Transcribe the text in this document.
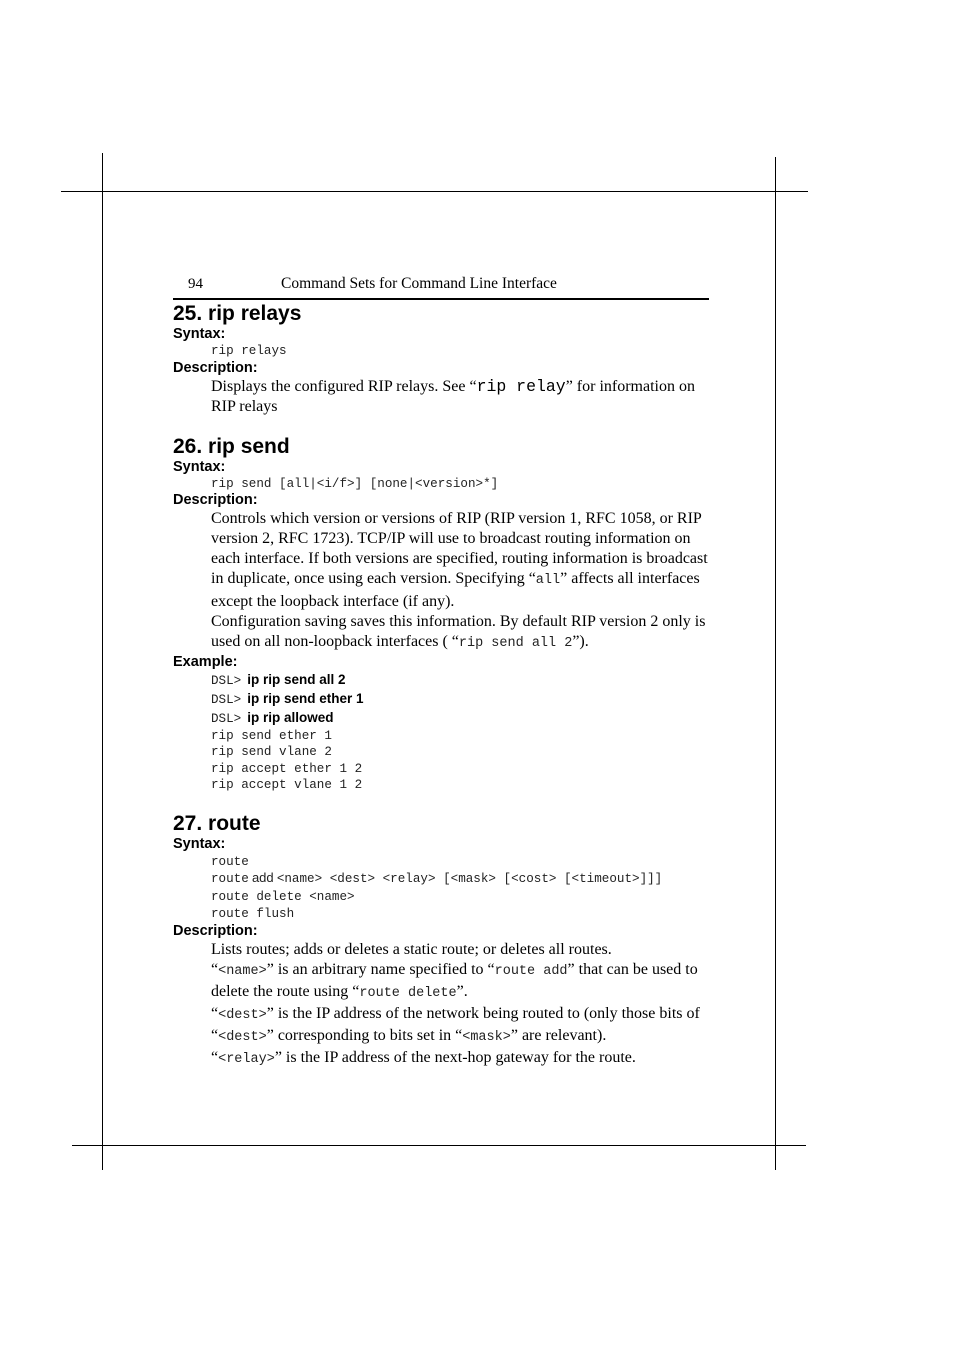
94	Command Sets for Command Line Interface
25. rip relays
Syntax:
rip relays
Description:

Displays the configured RIP relays. See “rip relay” for information on RIP relays

26. rip send
Syntax:
rip send [all|<i/f>] [none|<version>*]
Description:

Controls which version or versions of RIP (RIP version 1, RFC 1058, or RIP version 2, RFC 1723). TCP/IP will use to broadcast routing information on each interface. If both versions are specified, routing information is broadcast in duplicate, once using each version. Specifying “all” affects all interfaces except the loopback interface (if any).

Configuration saving saves this information. By default RIP version 2 only is used on all non-loopback interfaces ( “rip send all 2”).

Example:
DSL> ip rip send all 2
DSL> ip rip send ether 1
DSL> ip rip allowed
rip send ether 1
rip send vlane 2
rip accept ether 1 2
rip accept vlane 1 2
27. route
Syntax:
route
route add <name> <dest> <relay> [<mask> [<cost> [<timeout>]]]
route delete <name>
route flush
Description:

Lists routes; adds or deletes a static route; or deletes all routes.

“<name>” is an arbitrary name specified to “route add” that can be used to delete the route using “route delete”.

“<dest>” is the IP address of the network being routed to (only those bits of “<dest>” corresponding to bits set in “<mask>” are relevant).

“<relay>” is the IP address of the next-hop gateway for the route.
